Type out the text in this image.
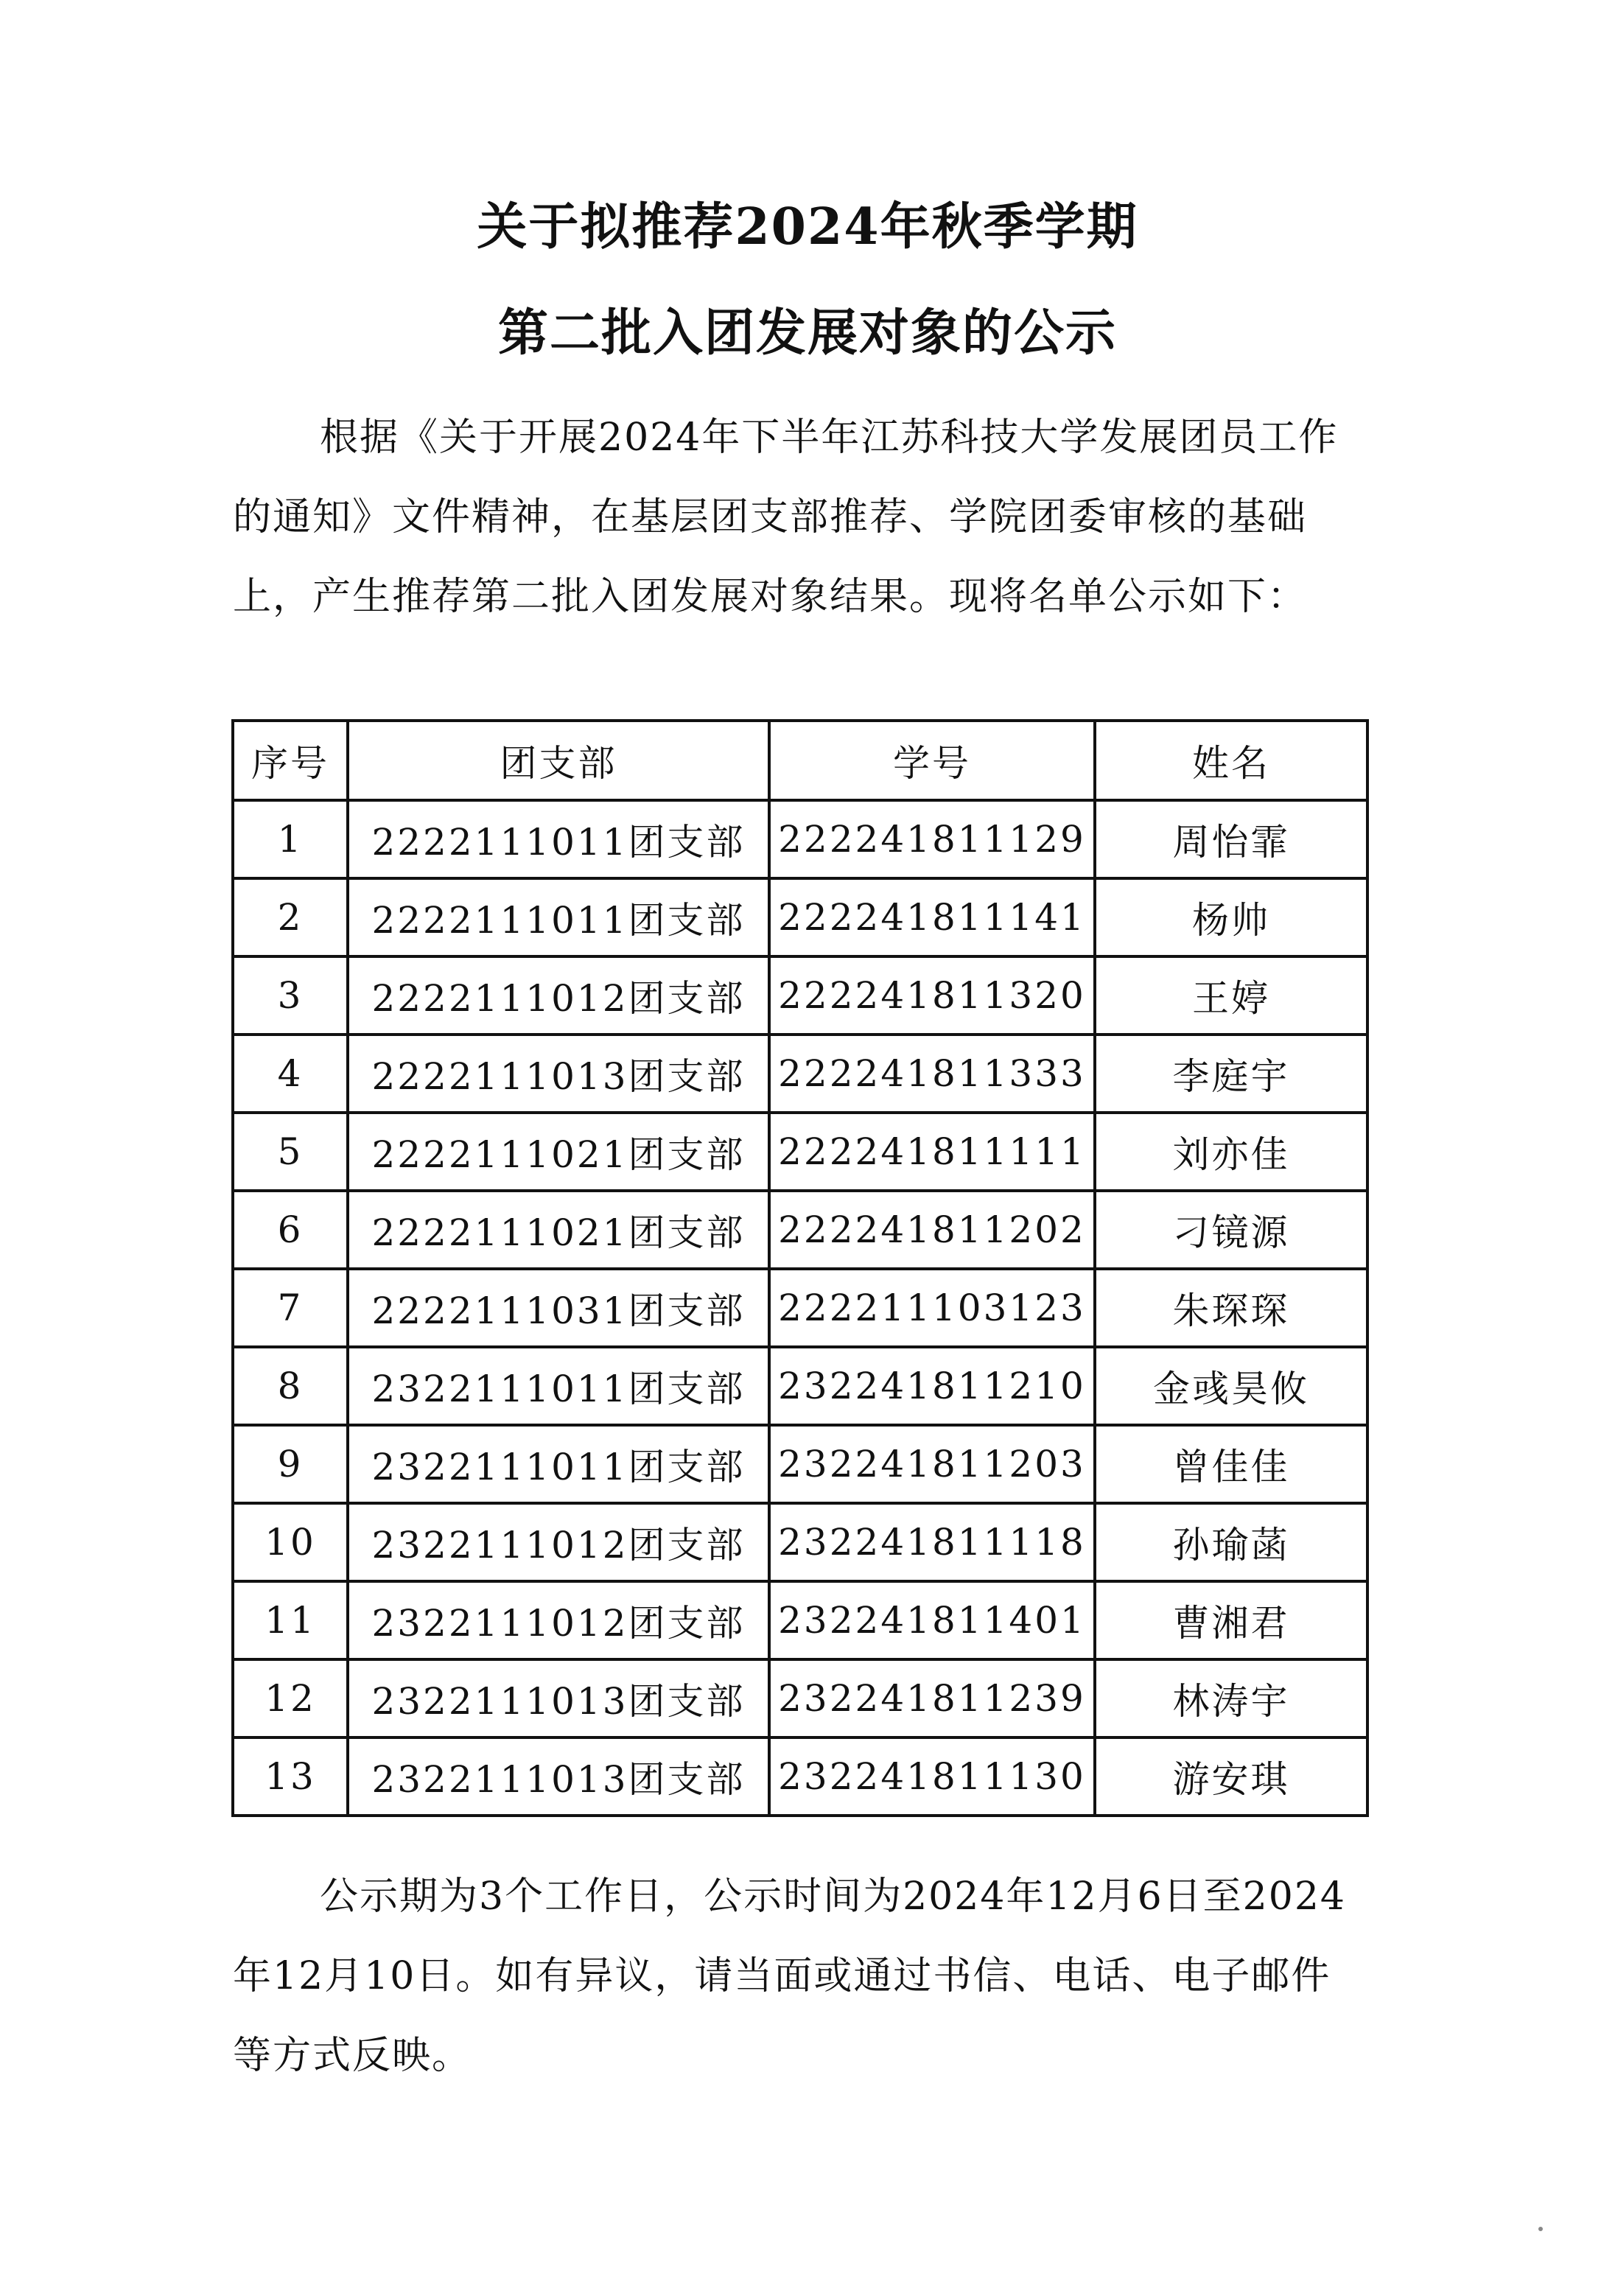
关于拟推荐2024年秋季学期
第二批入团发展对象的公示

根据《关于开展2024年下半年江苏科技大学发展团员工作的通知》文件精神，在基层团支部推荐、学院团委审核的基础上，产生推荐第二批入团发展对象结果。现将名单公示如下：

序号	团支部	学号	姓名
1	2222111011团支部	222241811129	周怡霏
2	2222111011团支部	222241811141	杨帅
3	2222111012团支部	222241811320	王婷
4	2222111013团支部	222241811333	李庭宇
5	2222111021团支部	222241811111	刘亦佳
6	2222111021团支部	222241811202	刁镜源
7	2222111031团支部	222211103123	朱琛琛
8	2322111011团支部	232241811210	金彧昊攸
9	2322111011团支部	232241811203	曾佳佳
10	2322111012团支部	232241811118	孙瑜菡
11	2322111012团支部	232241811401	曹湘君
12	2322111013团支部	232241811239	林涛宇
13	2322111013团支部	232241811130	游安琪

公示期为3个工作日，公示时间为2024年12月6日至2024年12月10日。如有异议，请当面或通过书信、电话、电子邮件等方式反映。
